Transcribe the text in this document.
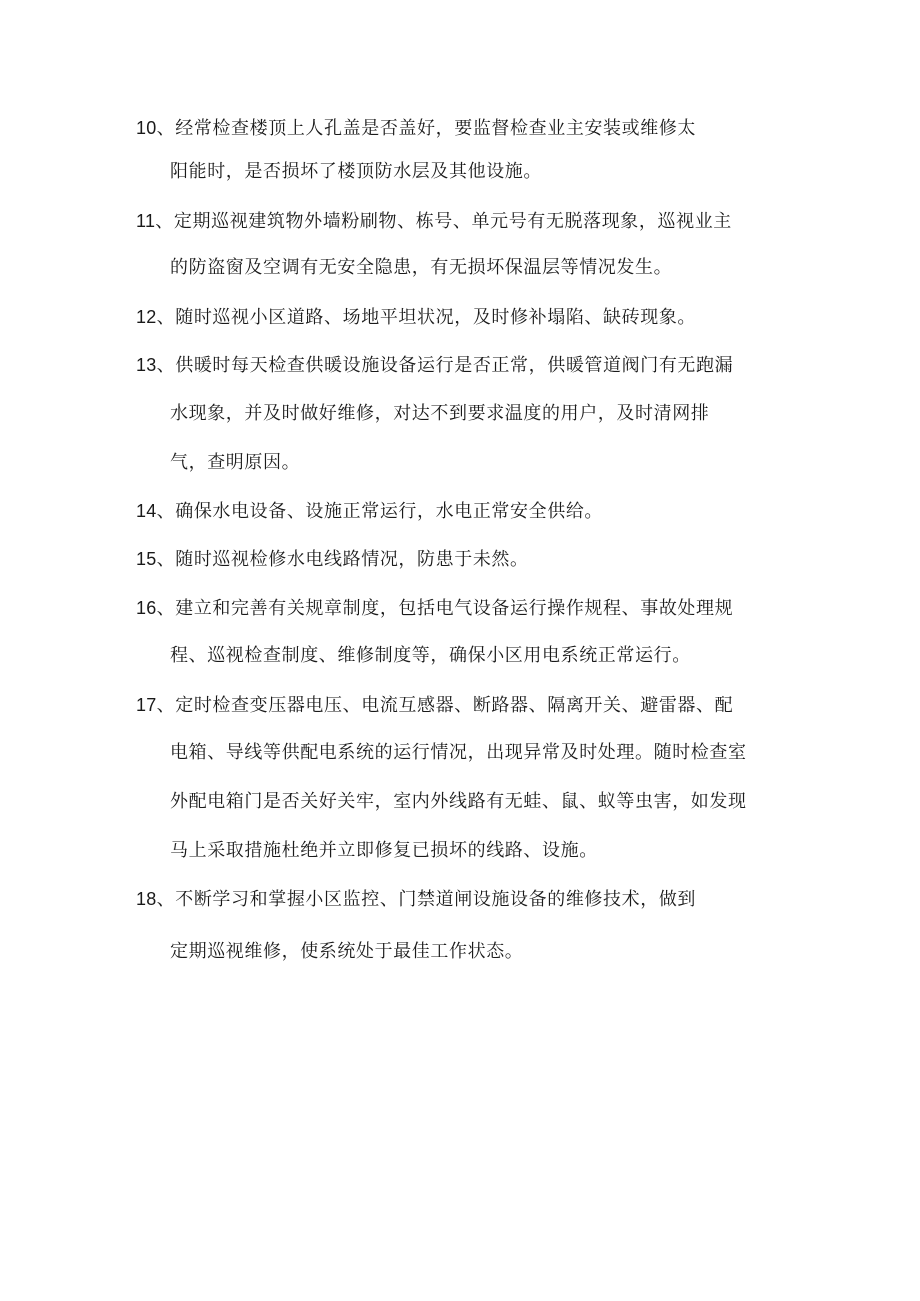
10、经常检查楼顶上人孔盖是否盖好，要监督检查业主安装或维修太
阳能时，是否损坏了楼顶防水层及其他设施。
11、定期巡视建筑物外墙粉刷物、栋号、单元号有无脱落现象，巡视业主
的防盗窗及空调有无安全隐患，有无损坏保温层等情况发生。
12、随时巡视小区道路、场地平坦状况，及时修补塌陷、缺砖现象。
13、供暖时每天检查供暖设施设备运行是否正常，供暖管道阀门有无跑漏
水现象，并及时做好维修，对达不到要求温度的用户，及时清网排
气，查明原因。
14、确保水电设备、设施正常运行，水电正常安全供给。
15、随时巡视检修水电线路情况，防患于未然。
16、建立和完善有关规章制度，包括电气设备运行操作规程、事故处理规
程、巡视检查制度、维修制度等，确保小区用电系统正常运行。
17、定时检查变压器电压、电流互感器、断路器、隔离开关、避雷器、配
电箱、导线等供配电系统的运行情况，出现异常及时处理。随时检查室
外配电箱门是否关好关牢，室内外线路有无蛙、鼠、蚁等虫害，如发现
马上采取措施杜绝并立即修复已损坏的线路、设施。
18、不断学习和掌握小区监控、门禁道闸设施设备的维修技术，做到
定期巡视维修，使系统处于最佳工作状态。
